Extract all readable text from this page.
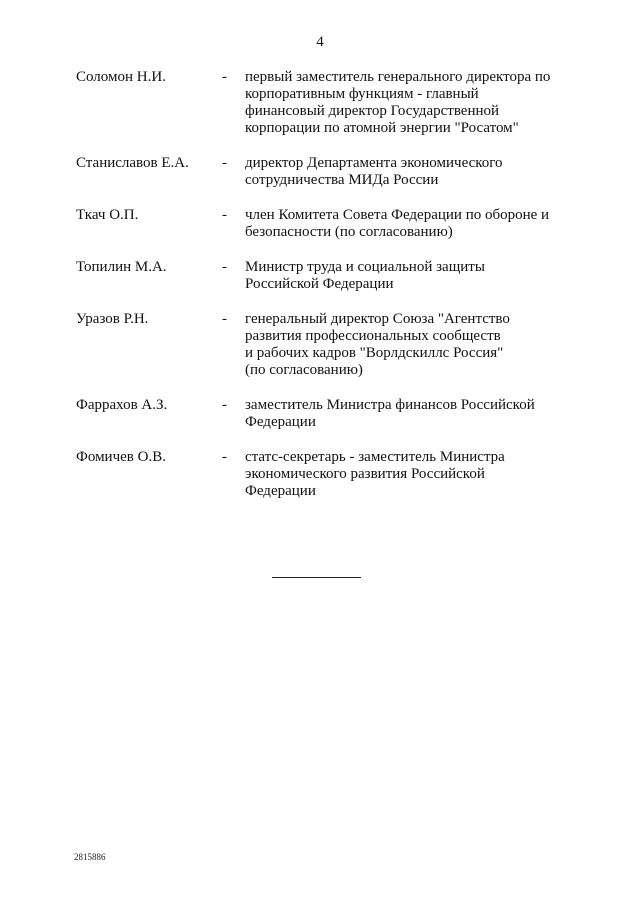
4
Соломон Н.И.	- первый заместитель генерального директора по
корпоративным функциям - главный
финансовый директор Государственной
корпорации по атомной энергии "Росатом"
Станиславов Е.А. - директор Департамента экономического
сотрудничества МИДа России
Ткач О.П.	- член Комитета Совета Федерации по обороне и
безопасности (по согласованию)
Топилин М.А.	- Министр труда и социальной защиты
Российской Федерации
Уразов Р.Н.	- генеральный директор Союза "Агентство
развития профессиональных сообществ
и рабочих кадров "Ворлдскиллс Россия"
(по согласованию)
Фаррахов А.З.	- заместитель Министра финансов Российской
Федерации
Фомичев О.В.	- статс-секретарь - заместитель Министра
экономического развития Российской
Федерации
2815886
